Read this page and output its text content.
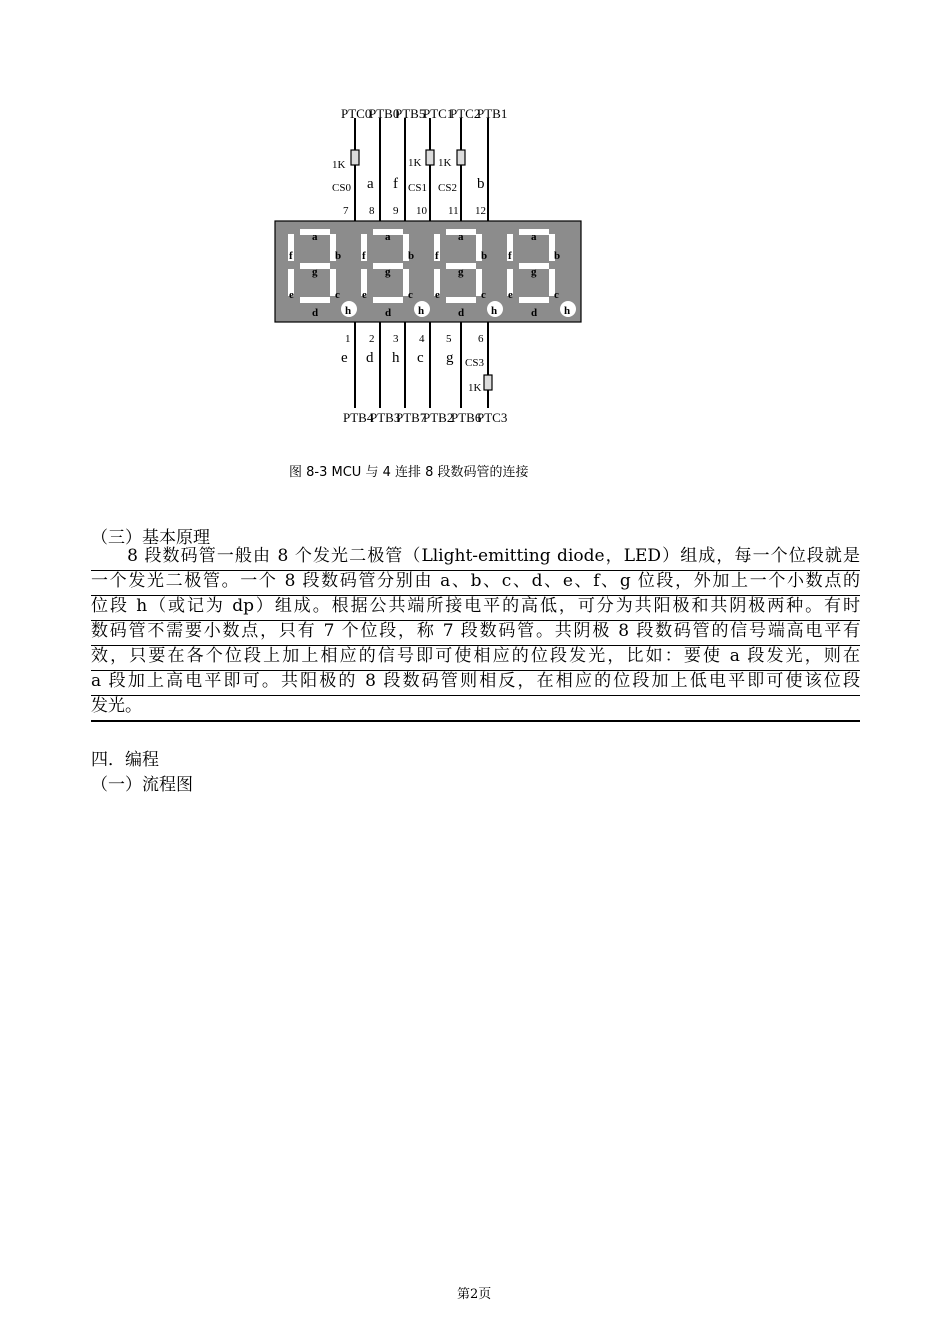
a
b
c
d
e
f
g
h
a
b
c
d
e
f
g
h
a
b
c
d
e
f
g
h
a
b
c
d
e
f
g
h
PTC0
PTB0
PTB5
PTC1
PTC2
PTB1
PTB4
PTB3
PTB7
PTB2
PTB6
PTC3
1K	1K 1K
1K
CS0 a f CS1 CS2 b
7 8 9 10 11 12
1 2 3 4 5 6
e d h c g CS3
图 8-3 MCU 与 4 连排 8 段数码管的连接
（三）基本原理
　　8 段数码管一般由 8 个发光二极管（Llight-emitting diode，LED）组成，每一个位段就是
一个发光二极管。一个 8 段数码管分别由 a、b、c、d、e、f、g 位段，外加上一个小数点的
位段 h（或记为 dp）组成。根据公共端所接电平的高低，可分为共阳极和共阴极两种。有时
数码管不需要小数点，只有 7 个位段，称 7 段数码管。共阴极 8 段数码管的信号端高电平有
效，只要在各个位段上加上相应的信号即可使相应的位段发光，比如：要使 a 段发光，则在
a 段加上高电平即可。共阳极的 8 段数码管则相反，在相应的位段加上低电平即可使该位段
发光。
四．编程
（一）流程图
第2页
